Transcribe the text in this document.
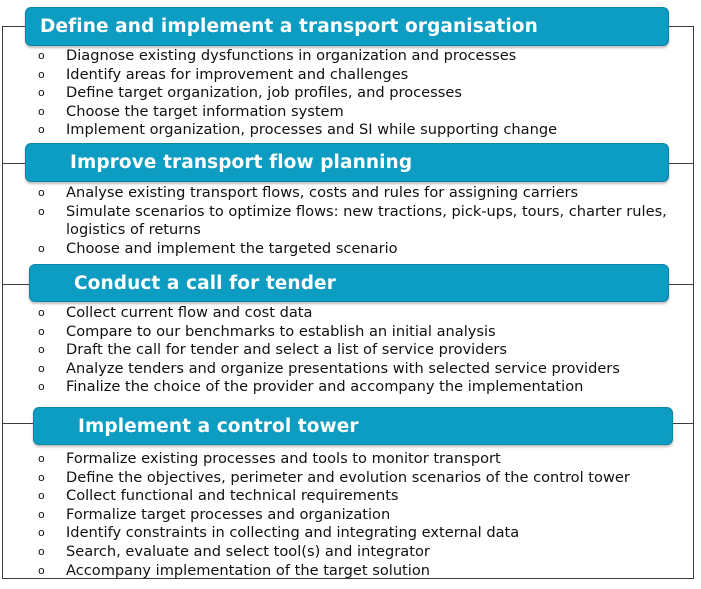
Define and implement a transport organisation
o	Diagnose existing dysfunctions in organization and processes
o	Identify areas for improvement and challenges
o	Define target organization, job profiles, and processes
o	Choose the target information system
o	Implement organization, processes and SI while supporting change
Improve transport flow planning
o	Analyse existing transport flows, costs and rules for assigning carriers
o	Simulate scenarios to optimize flows: new tractions, pick-ups, tours, charter rules, logistics of returns
o	Choose and implement the targeted scenario
Conduct a call for tender
o	Collect current flow and cost data
o	Compare to our benchmarks to establish an initial analysis
o	Draft the call for tender and select a list of service providers
o	Analyze tenders and organize presentations with selected service providers
o	Finalize the choice of the provider and accompany the implementation
Implement a control tower
o	Formalize existing processes and tools to monitor transport
o	Define the objectives, perimeter and evolution scenarios of the control tower
o	Collect functional and technical requirements
o	Formalize target processes and organization
o	Identify constraints in collecting and integrating external data
o	Search, evaluate and select tool(s) and integrator
o	Accompany implementation of the target solution
